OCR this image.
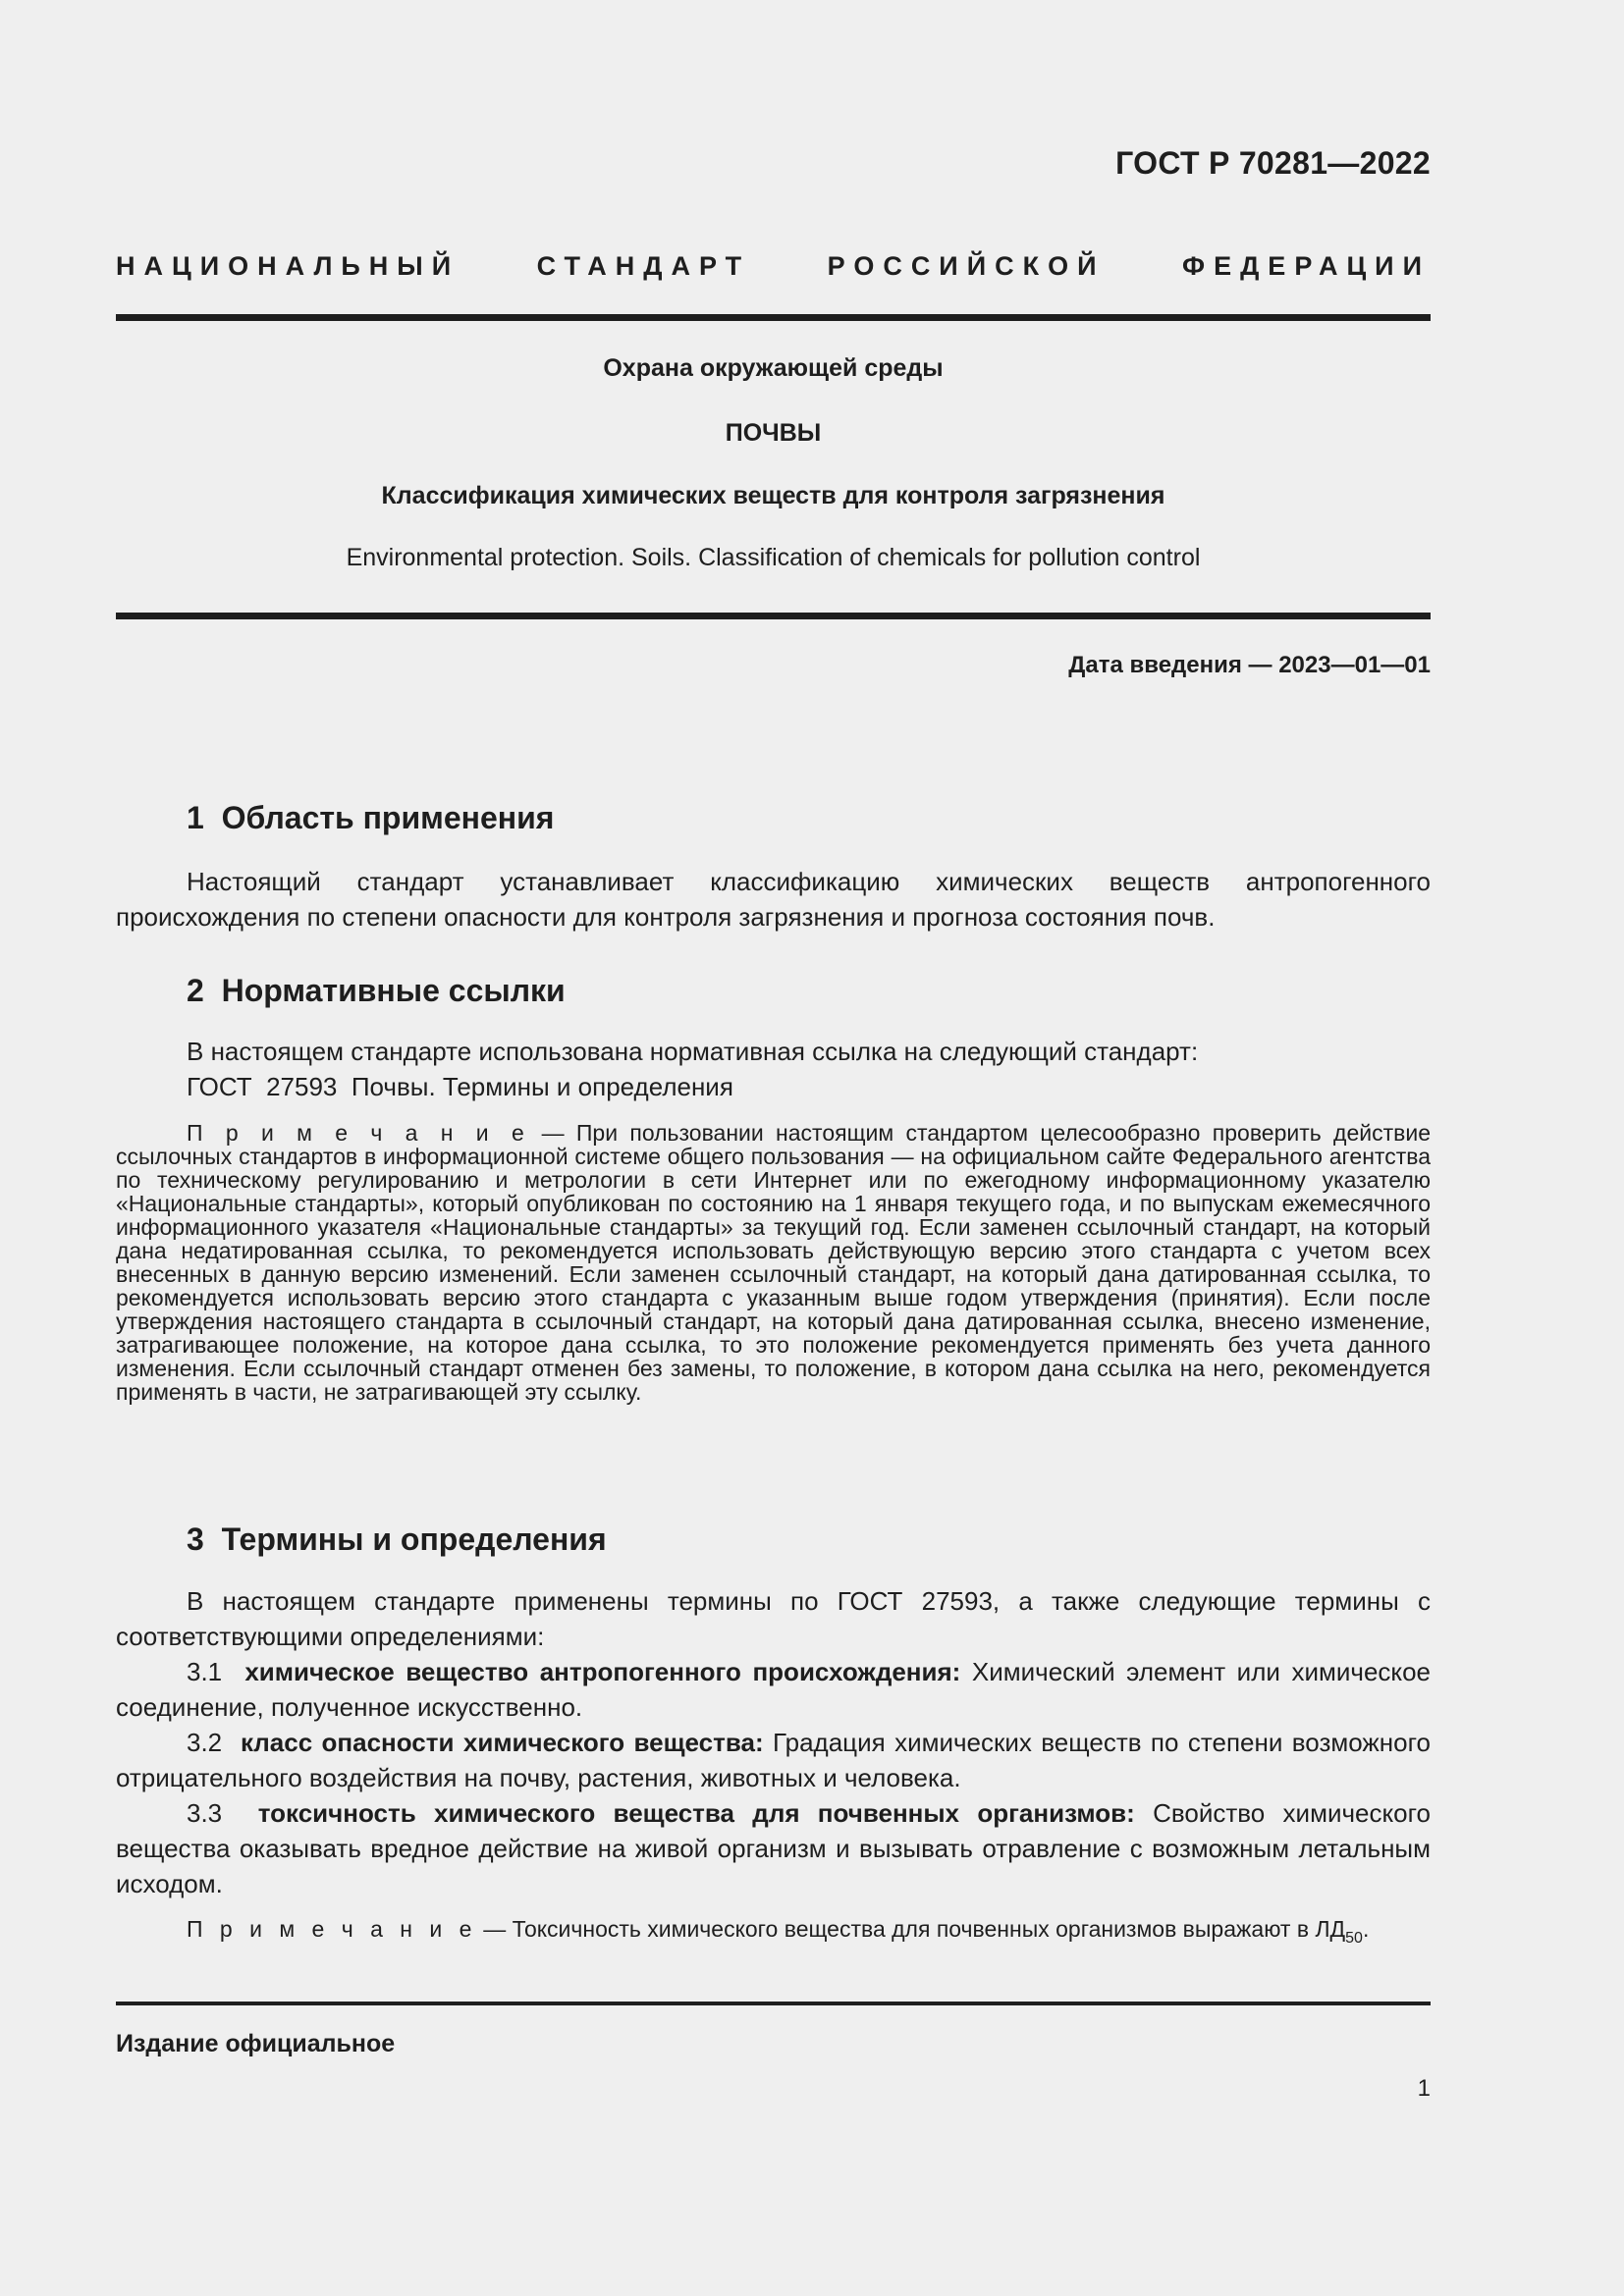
ГОСТ Р 70281—2022
НАЦИОНАЛЬНЫЙ СТАНДАРТ РОССИЙСКОЙ ФЕДЕРАЦИИ
Охрана окружающей среды
ПОЧВЫ
Классификация химических веществ для контроля загрязнения
Environmental protection. Soils. Classification of chemicals for pollution control
Дата введения — 2023—01—01
1 Область применения

Настоящий стандарт устанавливает классификацию химических веществ антропогенного происхождения по степени опасности для контроля загрязнения и прогноза состояния почв.

2 Нормативные ссылки
В настоящем стандарте использована нормативная ссылка на следующий стандарт:
ГОСТ  27593  Почвы. Термины и определения

П р и м е ч а н и е — При пользовании настоящим стандартом целесообразно проверить действие ссылочных стандартов в информационной системе общего пользования — на официальном сайте Федерального агентства по техническому регулированию и метрологии в сети Интернет или по ежегодному информационному указателю «Национальные стандарты», который опубликован по состоянию на 1 января текущего года, и по выпускам ежемесячного информационного указателя «Национальные стандарты» за текущий год. Если заменен ссылочный стандарт, на который дана недатированная ссылка, то рекомендуется использовать действующую версию этого стандарта с учетом всех внесенных в данную версию изменений. Если заменен ссылочный стандарт, на который дана датированная ссылка, то рекомендуется использовать версию этого стандарта с указанным выше годом утверждения (принятия). Если после утверждения настоящего стандарта в ссылочный стандарт, на который дана датированная ссылка, внесено изменение, затрагивающее положение, на которое дана ссылка, то это положение рекомендуется применять без учета данного изменения. Если ссылочный стандарт отменен без замены, то положение, в котором дана ссылка на него, рекомендуется применять в части, не затрагивающей эту ссылку.

3 Термины и определения

В настоящем стандарте применены термины по ГОСТ 27593, а также следующие термины с соответствующими определениями:

3.1 химическое вещество антропогенного происхождения: Химический элемент или химическое соединение, полученное искусственно.

3.2 класс опасности химического вещества: Градация химических веществ по степени возможного отрицательного воздействия на почву, растения, животных и человека.

3.3 токсичность химического вещества для почвенных организмов: Свойство химического вещества оказывать вредное действие на живой организм и вызывать отравление с возможным летальным исходом.

П р и м е ч а н и е — Токсичность химического вещества для почвенных организмов выражают в $ЛД_{50}$.

Издание официальное
1
